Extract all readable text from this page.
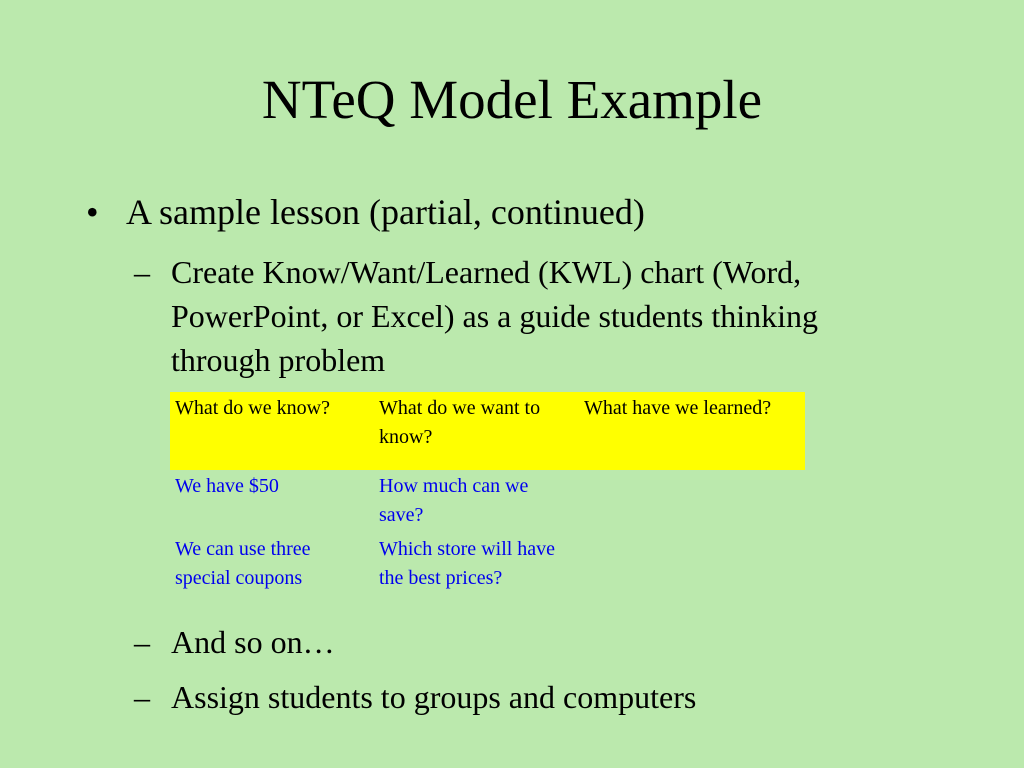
NTeQ Model Example
• A sample lesson (partial, continued)
– Create Know/Want/Learned (KWL) chart (Word, PowerPoint, or Excel) as a guide students thinking through problem
What do we know?	What do we want to know?	What have we learned?
We have $50	How much can we save?	
We can use three special coupons	Which store will have the best prices?	
– And so on…
– Assign students to groups and computers
